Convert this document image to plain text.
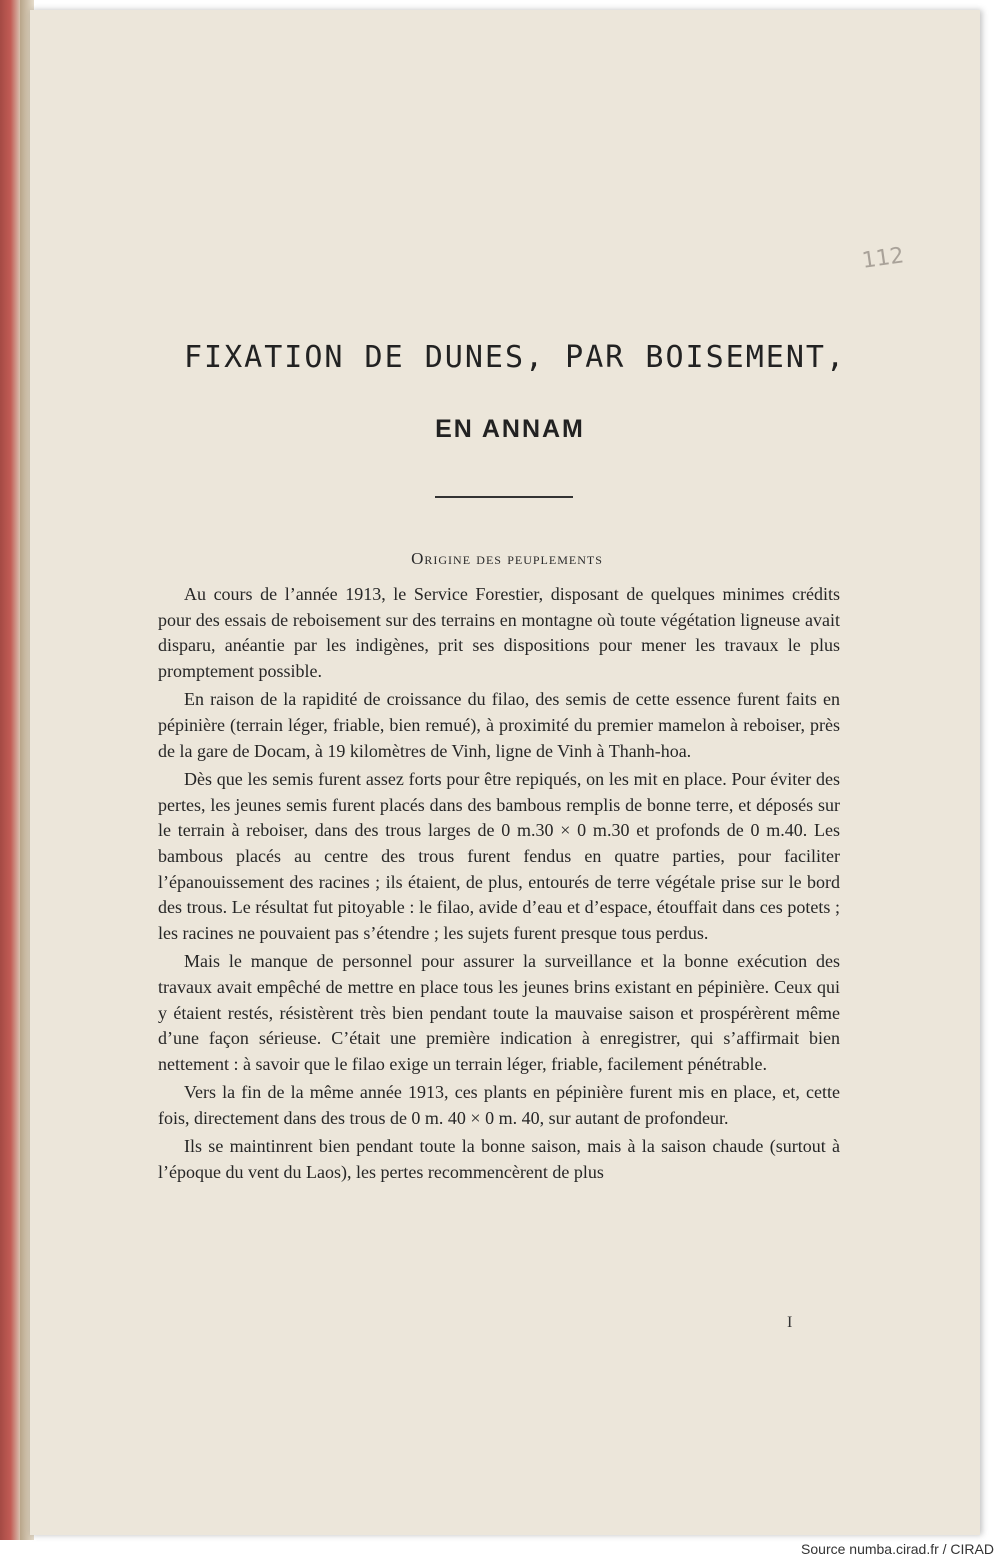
112
FIXATION DE DUNES, PAR BOISEMENT,
EN ANNAM
Origine des peuplements

Au cours de l’année 1913, le Service Forestier, disposant de quelques minimes crédits pour des essais de reboisement sur des terrains en montagne où toute végétation ligneuse avait disparu, anéantie par les indigènes, prit ses dispositions pour mener les travaux le plus promptement possible.

En raison de la rapidité de croissance du filao, des semis de cette essence furent faits en pépinière (terrain léger, friable, bien remué), à proximité du premier mamelon à reboiser, près de la gare de Docam, à 19 kilomètres de Vinh, ligne de Vinh à Thanh-hoa.

Dès que les semis furent assez forts pour être repiqués, on les mit en place. Pour éviter des pertes, les jeunes semis furent placés dans des bambous remplis de bonne terre, et déposés sur le terrain à reboiser, dans des trous larges de 0 m.30 × 0 m.30 et profonds de 0 m.40. Les bambous placés au centre des trous furent fendus en quatre parties, pour faciliter l’épanouissement des racines ; ils étaient, de plus, entourés de terre végétale prise sur le bord des trous. Le résultat fut pitoyable : le filao, avide d’eau et d’espace, étouffait dans ces potets ; les racines ne pouvaient pas s’étendre ; les sujets furent presque tous perdus.

Mais le manque de personnel pour assurer la surveillance et la bonne exécution des travaux avait empêché de mettre en place tous les jeunes brins existant en pépinière. Ceux qui y étaient restés, résistèrent très bien pendant toute la mauvaise saison et prospérèrent même d’une façon sérieuse. C’était une première indication à enregistrer, qui s’affirmait bien nettement : à savoir que le filao exige un terrain léger, friable, facilement pénétrable.

Vers la fin de la même année 1913, ces plants en pépinière furent mis en place, et, cette fois, directement dans des trous de 0 m. 40 × 0 m. 40, sur autant de profondeur.

Ils se maintinrent bien pendant toute la bonne saison, mais à la saison chaude (surtout à l’époque du vent du Laos), les pertes recommencèrent de plus

I
Source numba.cirad.fr / CIRAD
